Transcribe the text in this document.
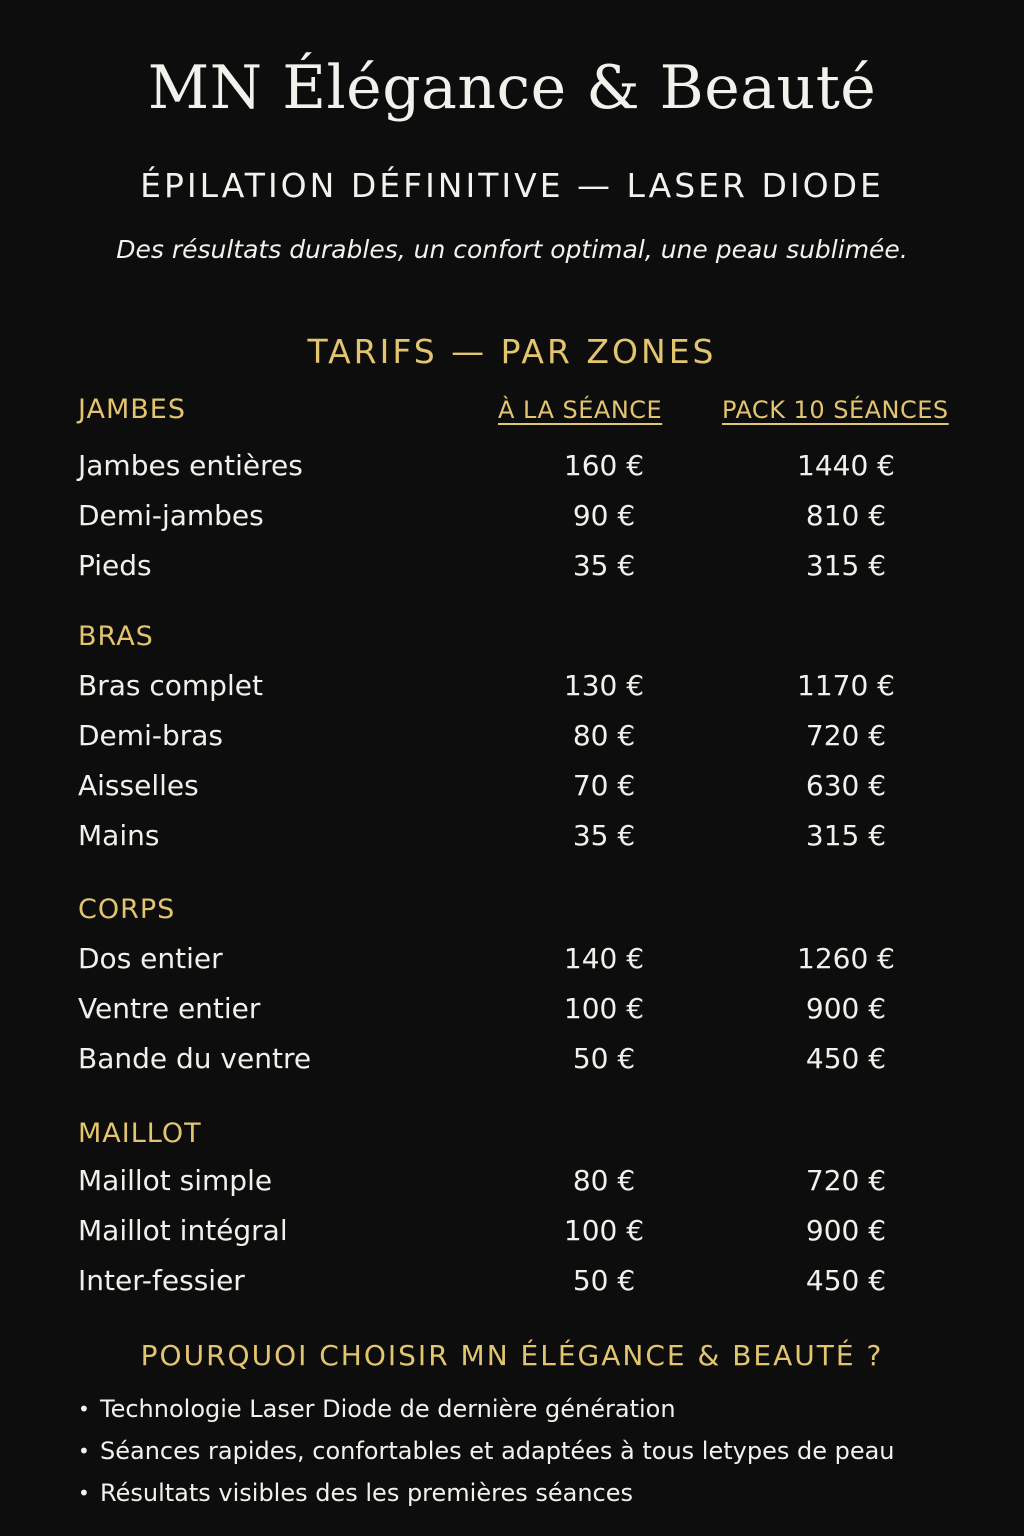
MN Élégance & Beauté
ÉPILATION DÉFINITIVE — LASER DIODE
Des résultats durables, un confort optimal, une peau sublimée.
TARIFS — PAR ZONES
À LA SÉANCE PACK 10 SÉANCES
JAMBES
Jambes entières	160 €	1440 €
Demi-jambes	90 €	810 €
Pieds	35 €	315 €
BRAS
Bras complet	130 €	1170 €
Demi-bras	80 €	720 €
Aisselles	70 €	630 €
Mains	35 €	315 €
CORPS
Dos entier	140 €	1260 €
Ventre entier	100 €	900 €
Bande du ventre	50 €	450 €
MAILLOT
Maillot simple	80 €	720 €
Maillot intégral	100 €	900 €
Inter-fessier	50 €	450 €
POURQUOI CHOISIR MN ÉLÉGANCE & BEAUTÉ ?
• Technologie Laser Diode de dernière génération
• Séances rapides, confortables et adaptées à tous letypes de peau
• Résultats visibles des les premières séances
